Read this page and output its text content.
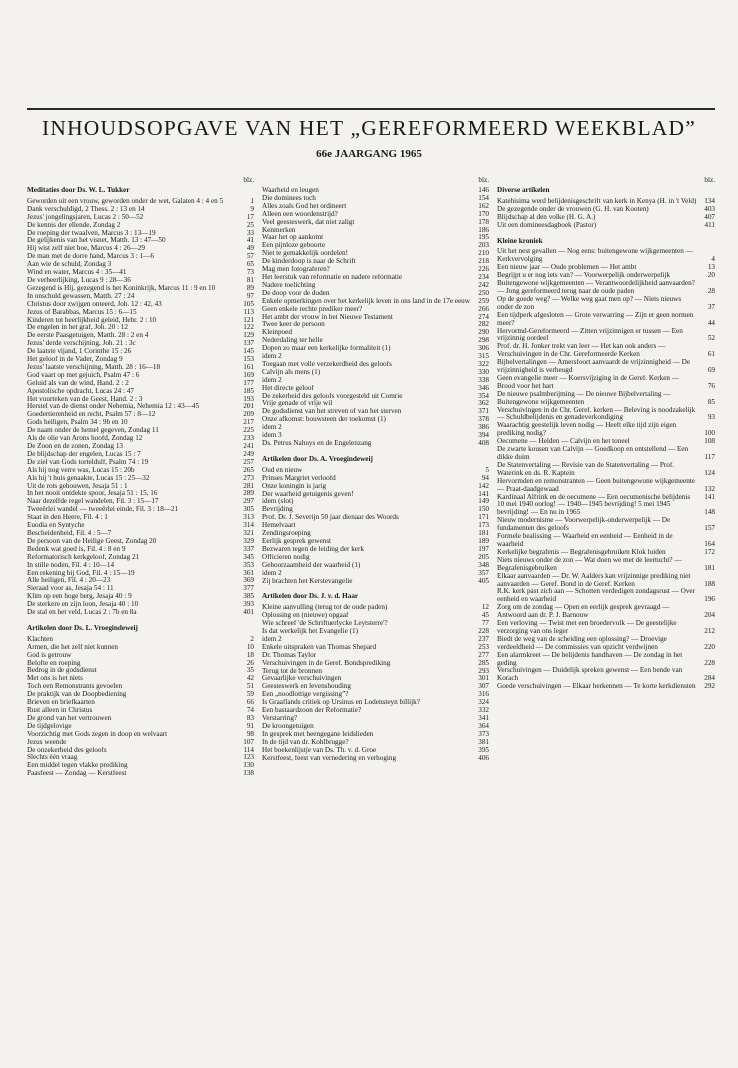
INHOUDSOPGAVE VAN HET „GEREFORMEERD WEEKBLAD”
66e JAARGANG 1965
blz.
Meditaties door Ds. W. L. Tukker
Geworden uit een vrouw, geworden onder de wet, Galaten 4 : 4 en 5	1
Dank verschuldigd, 2 Thess. 2 : 13 en 14	9
Jezus' jongelingsjaren, Lucas 2 : 50—52	17
De kennis der ellende, Zondag 2	25
De roeping der twaalven, Marcus 3 : 13—19	33
De gelijkenis van het visnet, Matth. 13 : 47—50	41
Hij wist zelf niet hoe, Marcus 4 : 26—29	49
De man met de dorre hand, Marcus 3 : 1—6	57
Aan wie de schuld, Zondag 3	65
Wind en water, Marcus 4 : 35—41	73
De verheerlijking, Lucas 9 : 28—36	81
Gezegend is Hij, gezegend is het Koninkrijk, Marcus 11 : 9 en 10	89
In onschuld gewassen, Matth. 27 : 24	97
Christus door zwijgen onteerd, Joh. 12 : 42, 43	105
Jezus of Barabbas, Marcus 15 : 6—15	113
Kinderen tot heerlijkheid geleid, Hebr. 2 : 10	121
De engelen in het graf, Joh. 20 : 12	122
De eerste Paasgetuigen, Matth. 28 : 2 en 4	129
Jezus' derde verschijning, Joh. 21 : 3c	137
De laatste vijand, 1 Corinthe 15 : 26	145
Het geloof in de Vader, Zondag 9	153
Jezus' laatste verschijning, Matth. 28 : 16—18	161
God vaart op met gejuich, Psalm 47 : 6	169
Geluid als van de wind, Hand. 2 : 2	177
Apostolische opdracht, Lucas 24 : 47	185
Het vuurteken van de Geest, Hand. 2 : 3	193
Herstel van de dienst onder Nehemia, Nehemia 12 : 43—45	201
Goedertierenheid en recht, Psalm 57 : 8—12	209
Gods heiligen, Psalm 34 : 9b en 10	217
De naam onder de hemel gegeven, Zondag 11	225
Als de olie van Arons hoofd, Zondag 12	233
De Zoon en de zonen, Zondag 13	241
De blijdschap der engelen, Lucas 15 : 7	249
De ziel van Gods torteldulf, Psalm 74 : 19	257
Als hij nog verre was, Lucas 15 : 20b	265
Als hij 't huis genaakte, Lucas 15 : 25—32	273
Uit de rots gehouwen, Jesaja 51 : 1	281
In het nooit ontdekte spoor, Jesaja 51 : 15, 16	289
Naar dezelfde regel wandelen, Fil. 3 : 15—17	297
Tweeërlei wandel — tweeërlei einde, Fil. 3 : 18—21	305
Staat in den Heere, Fil. 4 : 1	313
Euodia en Syntyche	314
Bescheidenheid, Fil. 4 : 5—7	321
De persoon van de Heilige Geest, Zondag 20	329
Bedenk wat goed is, Fil. 4 : 8 en 9	337
Reformatorisch kerkgeloof, Zondag 21	345
In stille noden, Fil. 4 : 10—14	353
Een rekening bij God, Fil. 4 : 15—19	361
Alle heiligen, Fil. 4 : 20—23	369
Sieraad voor as, Jesaja 54 : 11	377
Klim op een hoge berg, Jesaja 40 : 9	385
De sterkere en zijn loon, Jesaja 40 : 10	393
De stal en het veld, Lucas 2 : 7b en 8a	401
Artikelen door Ds. L. Vroegindeweij
Klachten	2
Armen, die het zelf niet kunnen	10
God is getrouw	18
Belofte en roeping	26
Bedrog in de godsdienst	35
Met ons is het niets	42
Toch een Remonstrants gevoelen	51
De praktijk van de Doopbediening	59
Brieven en briefkaarten	66
Rust alleen in Christus	74
De grond van het vertrouwen	83
De tijdgelovige	91
Voorzichtig met Gods zegen in doop en welvaart	98
Jezus weende	107
De onzekerheid des geloofs	114
Slechts één vraag	123
Een middel tegen vlakke prediking	130
Paasfeest — Zondag — Kerstfeest	138
blz.
Waarheid en leugen	146
Die dominees toch	154
Alles zoals God het ordineert	162
Alleen een woordenstrijd?	170
Veel geesteswerk, dat niet zaligt	178
Kenmerken	186
Waar het op aankomt	195
Een pijnloze geboorte	203
Niet te gemakkelijk oordelen!	210
De kinderdoop is naar de Schrift	218
Mag men fotograferen?	226
Het leerstuk van reformatie en nadere reformatie	234
Nadere toelichting	242
De doop voor de doden	250
Enkele opmerkingen over het kerkelijk leven in ons land in de 17e eeuw	259
Geen enkele rechte prediker meer?	266
Het ambt der vrouw in het Nieuwe Testament	274
Twee keer de persoon	282
Kleinpoed	290
Nederdaling ter helle	298
Dopen zo maar een kerkelijke formaliteit (1)	306
idem 2	315
Toegaan met volle verzekerdheid des geloofs	322
Calvijn als mens (1)	330
idem 2	338
Het directe geloof	346
De zekerheid des geloofs voorgesteld uit Comrie	354
Vrije genade of vrije wil	362
De godsdienst van het streven of van het sterven	371
Onze afkomst: bouwsteen der toekomst (1)	378
idem 2	386
idem 3	394
Ds. Petrus Nahuys en de Engelenzang	408
Artikelen door Ds. A. Vroegindeweij
Oud en nieuw	5
Prinses Margriet verloofd	94
Onze koningin is jarig	142
Der waarheid getuigenis geven!	141
idem (slot)	149
Bevrijding	150
Prof. Dr. J. Severijn 50 jaar dienaar des Woords	171
Hemelvaart	173
Zendingsroeping	181
Eerlijk gesprek gewenst	189
Bezwaren tegen de leiding der kerk	197
Officieren nodig	205
Gehoorzaamheid der waarheid (1)	348
idem 2	357
Zij brachten het Kerstevangelie	405
Artikelen door Ds. J. v. d. Haar
Kleine aanvulling (terug tot de oude paden)	12
Oplossing en (nieuwe) opgaaf	45
Wie schreef 'de Schriftuerlycke Leytsterre'?	77
Is dat werkelijk het Evangelie (1)	228
idem 2	237
Enkele uitspraken van Thomas Shepard	253
Dr. Thomas Taylor	277
Verschuivingen in de Geref. Bondsprediking	285
Terug tot de bronnen	293
Gevaarlijke verschuivingen	301
Geesteswerk en levenshouding	307
Een „noodlottige vergissing”?	316
Is Graaflands critiek op Ursinus en Lodensteyn billijk?	324
Een bastaardzoon der Reformatie?	332
Verstarring?	341
De kroongetuigen	364
In gesprek met heengegane leidslieden	373
In de tijd van dr. Kohlbrugge?	381
Het boekenlijstje van Ds. Th. v. d. Groe	395
Kerstfeest, feest van vernedering en verhoging	406
blz.
Diverse artikelen
Katehisima werd belijdenisgeschrift van kerk in Kenya (H. in 't Veld)	134
De gezegende onder de vrouwen (G. H. van Kooten)	403
Blijdschap al den volke (H. G. A.)	407
Uit een domineesdagboek (Pastor)	411
Kleine kroniek
Uit het nest gevallen — Nog eens: buitengewone wijkgemeenten — Kerkvervolging	4
Een nieuw jaar — Oude problemen — Het ambt	13
Begrijpt u er nog iets van? — Voorwerpelijk onderwerpelijk	20
Buitengewone wijkgemeenten — Verantwoordelijkheid aanvaarden? — Jong gereformeerd terug naar de oude paden	28
Op de goede weg? — Welke weg gaat men op? — Niets nieuws onder de zon	37
Een tijdperk afgesloten — Grote verwarring — Zijn er geen normen meer?	44
Hervormd-Gereformeerd — Zitten vrijzinnigen er tussen — Een vrijzinnig oordeel	52
Prof. dr. H. Jonker trekt van leer — Het kan ook anders — Verschuivingen in de Chr. Gereformeerde Kerken	61
Bijbelvertalingen — Amersfoort aanvaardt de vrijzinnigheid — De vrijzinnigheid is verheugd	69
Geen evangelie meer — Koersvijziging in de Geref. Kerken — Brood voor het hart	76
De nieuwe psalmberijming — De nieuwe Bijbelvertaling — Buitengewone wijkgemeenten	85
Verschuivingen in de Chr. Geref. kerken — Beleving is noodzakelijk — Schuldbelijdenis en genadeverkondiging	93
Waarachtig geestelijk leven nodig — Heeft elke tijd zijn eigen prediking nodig?	100
Oecumene — Helden — Calvijn en het toneel	108
De zwarte kousen van Calvijn — Goedkoop en ontstellend — Een dikke duim	117
De Statenvertaling — Revisie van de Statenvertaling — Prof. Waterink en ds. R. Kaptein	124
Hervormden en remonstranten — Geen buitengewone wijkgemeente — Praat-daadgewaad	132
Kardinaal Alfrink en de oecumene — Een oecumenische belijdenis	141
10 mei 1940 oorlog! — 1940—1945 bevrijding! 5 mei 1945 bevrijding! — En nu in 1965	148
Nieuw modernisme — Voorwerpelijk-onderwerpelijk — De fundamenten des geloofs	157
Formele bealissing — Waarheid en eenheid — Eenheid in de waarheid	164
Kerkelijke begrafenis — Begrafenisgebruiken Klok luiden	172
Niets nieuws onder de zon — Wat doen we met de leertucht? — Begrafenisgebruiken	181
Elkaar aanvaarden — Dr. W. Aalders kan vrijzinnige prediking niet aanvaarden — Geref. Bond in de Geref. Kerken	188
R.K. kerk past zich aan — Schotten verdedigen zondagsrust — Over eenheid en waarheid	196
Zorg om de zondag — Open en eerlijk gesprek gevraagd — Antwoord aan dr. P. J. Barnouw	204
Een verloving — Twist met een broedervolk — De geestelijke verzorging van ons leger	212
Biedt de weg van de scheiding een oplossing? — Droevige verdeeldheid — De commissies van opzicht verdwijnen	220
Een alarmkreet — De belijdenis handhaven — De zondag in het geding	228
Verschuivingen — Duidelijk spreken gewenst — Een bende van Korach	284
Goede verschuivingen — Elkaar herkennen — Te korte kerkdiensten	292
